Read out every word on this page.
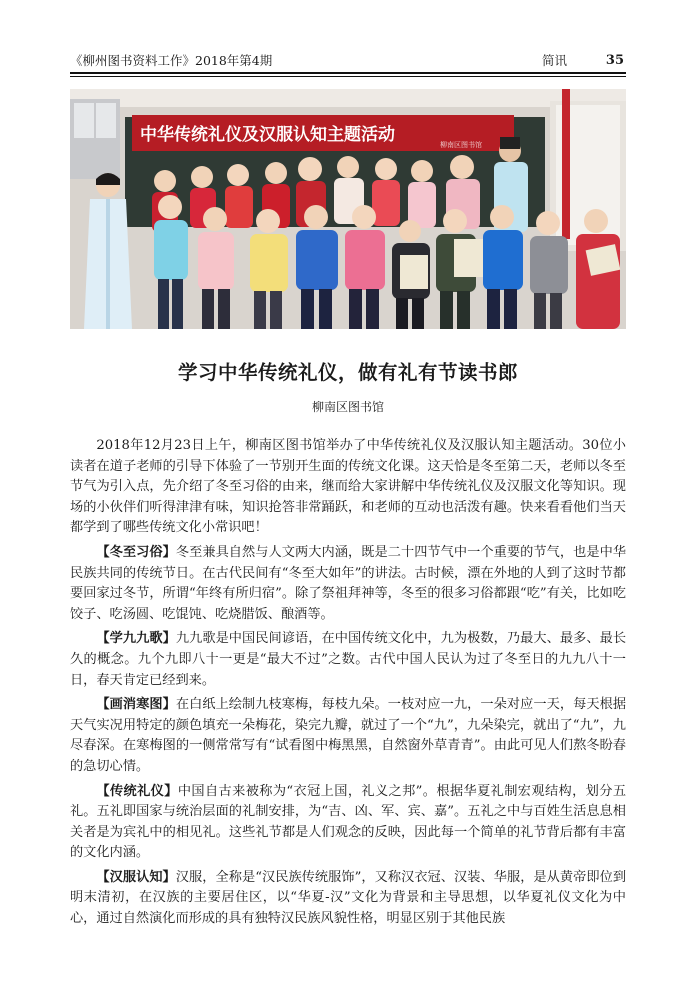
《柳州图书资料工作》2018年第4期	简讯	35
中华传统礼仪及汉服认知主题活动	柳南区图书馆
学习中华传统礼仪，做有礼有节读书郎
柳南区图书馆

2018年12月23日上午，柳南区图书馆举办了中华传统礼仪及汉服认知主题活动。30位小读者在道子老师的引导下体验了一节别开生面的传统文化课。这天恰是冬至第二天，老师以冬至节气为引入点，先介绍了冬至习俗的由来，继而给大家讲解中华传统礼仪及汉服文化等知识。现场的小伙伴们听得津津有味，知识抢答非常踊跃，和老师的互动也活泼有趣。快来看看他们当天都学到了哪些传统文化小常识吧！

【冬至习俗】冬至兼具自然与人文两大内涵，既是二十四节气中一个重要的节气，也是中华民族共同的传统节日。在古代民间有“冬至大如年”的讲法。古时候，漂在外地的人到了这时节都要回家过冬节，所谓“年终有所归宿”。除了祭祖拜神等，冬至的很多习俗都跟“吃”有关，比如吃饺子、吃汤圆、吃馄饨、吃烧腊饭、酿酒等。

【学九九歌】九九歌是中国民间谚语，在中国传统文化中，九为极数，乃最大、最多、最长久的概念。九个九即八十一更是“最大不过”之数。古代中国人民认为过了冬至日的九九八十一日，春天肯定已经到来。

【画消寒图】在白纸上绘制九枝寒梅，每枝九朵。一枝对应一九，一朵对应一天，每天根据天气实况用特定的颜色填充一朵梅花，染完九瓣，就过了一个“九”，九朵染完，就出了“九”，九尽春深。在寒梅图的一侧常常写有“试看图中梅黑黑，自然窗外草青青”。由此可见人们熬冬盼春的急切心情。

【传统礼仪】中国自古来被称为“衣冠上国，礼义之邦”。根据华夏礼制宏观结构，划分五礼。五礼即国家与统治层面的礼制安排，为“吉、凶、军、宾、嘉”。五礼之中与百姓生活息息相关者是为宾礼中的相见礼。这些礼节都是人们观念的反映，因此每一个简单的礼节背后都有丰富的文化内涵。

【汉服认知】汉服，全称是“汉民族传统服饰”，又称汉衣冠、汉装、华服，是从黄帝即位到明末清初，在汉族的主要居住区，以“华夏-汉”文化为背景和主导思想，以华夏礼仪文化为中心，通过自然演化而形成的具有独特汉民族风貌性格，明显区别于其他民族
